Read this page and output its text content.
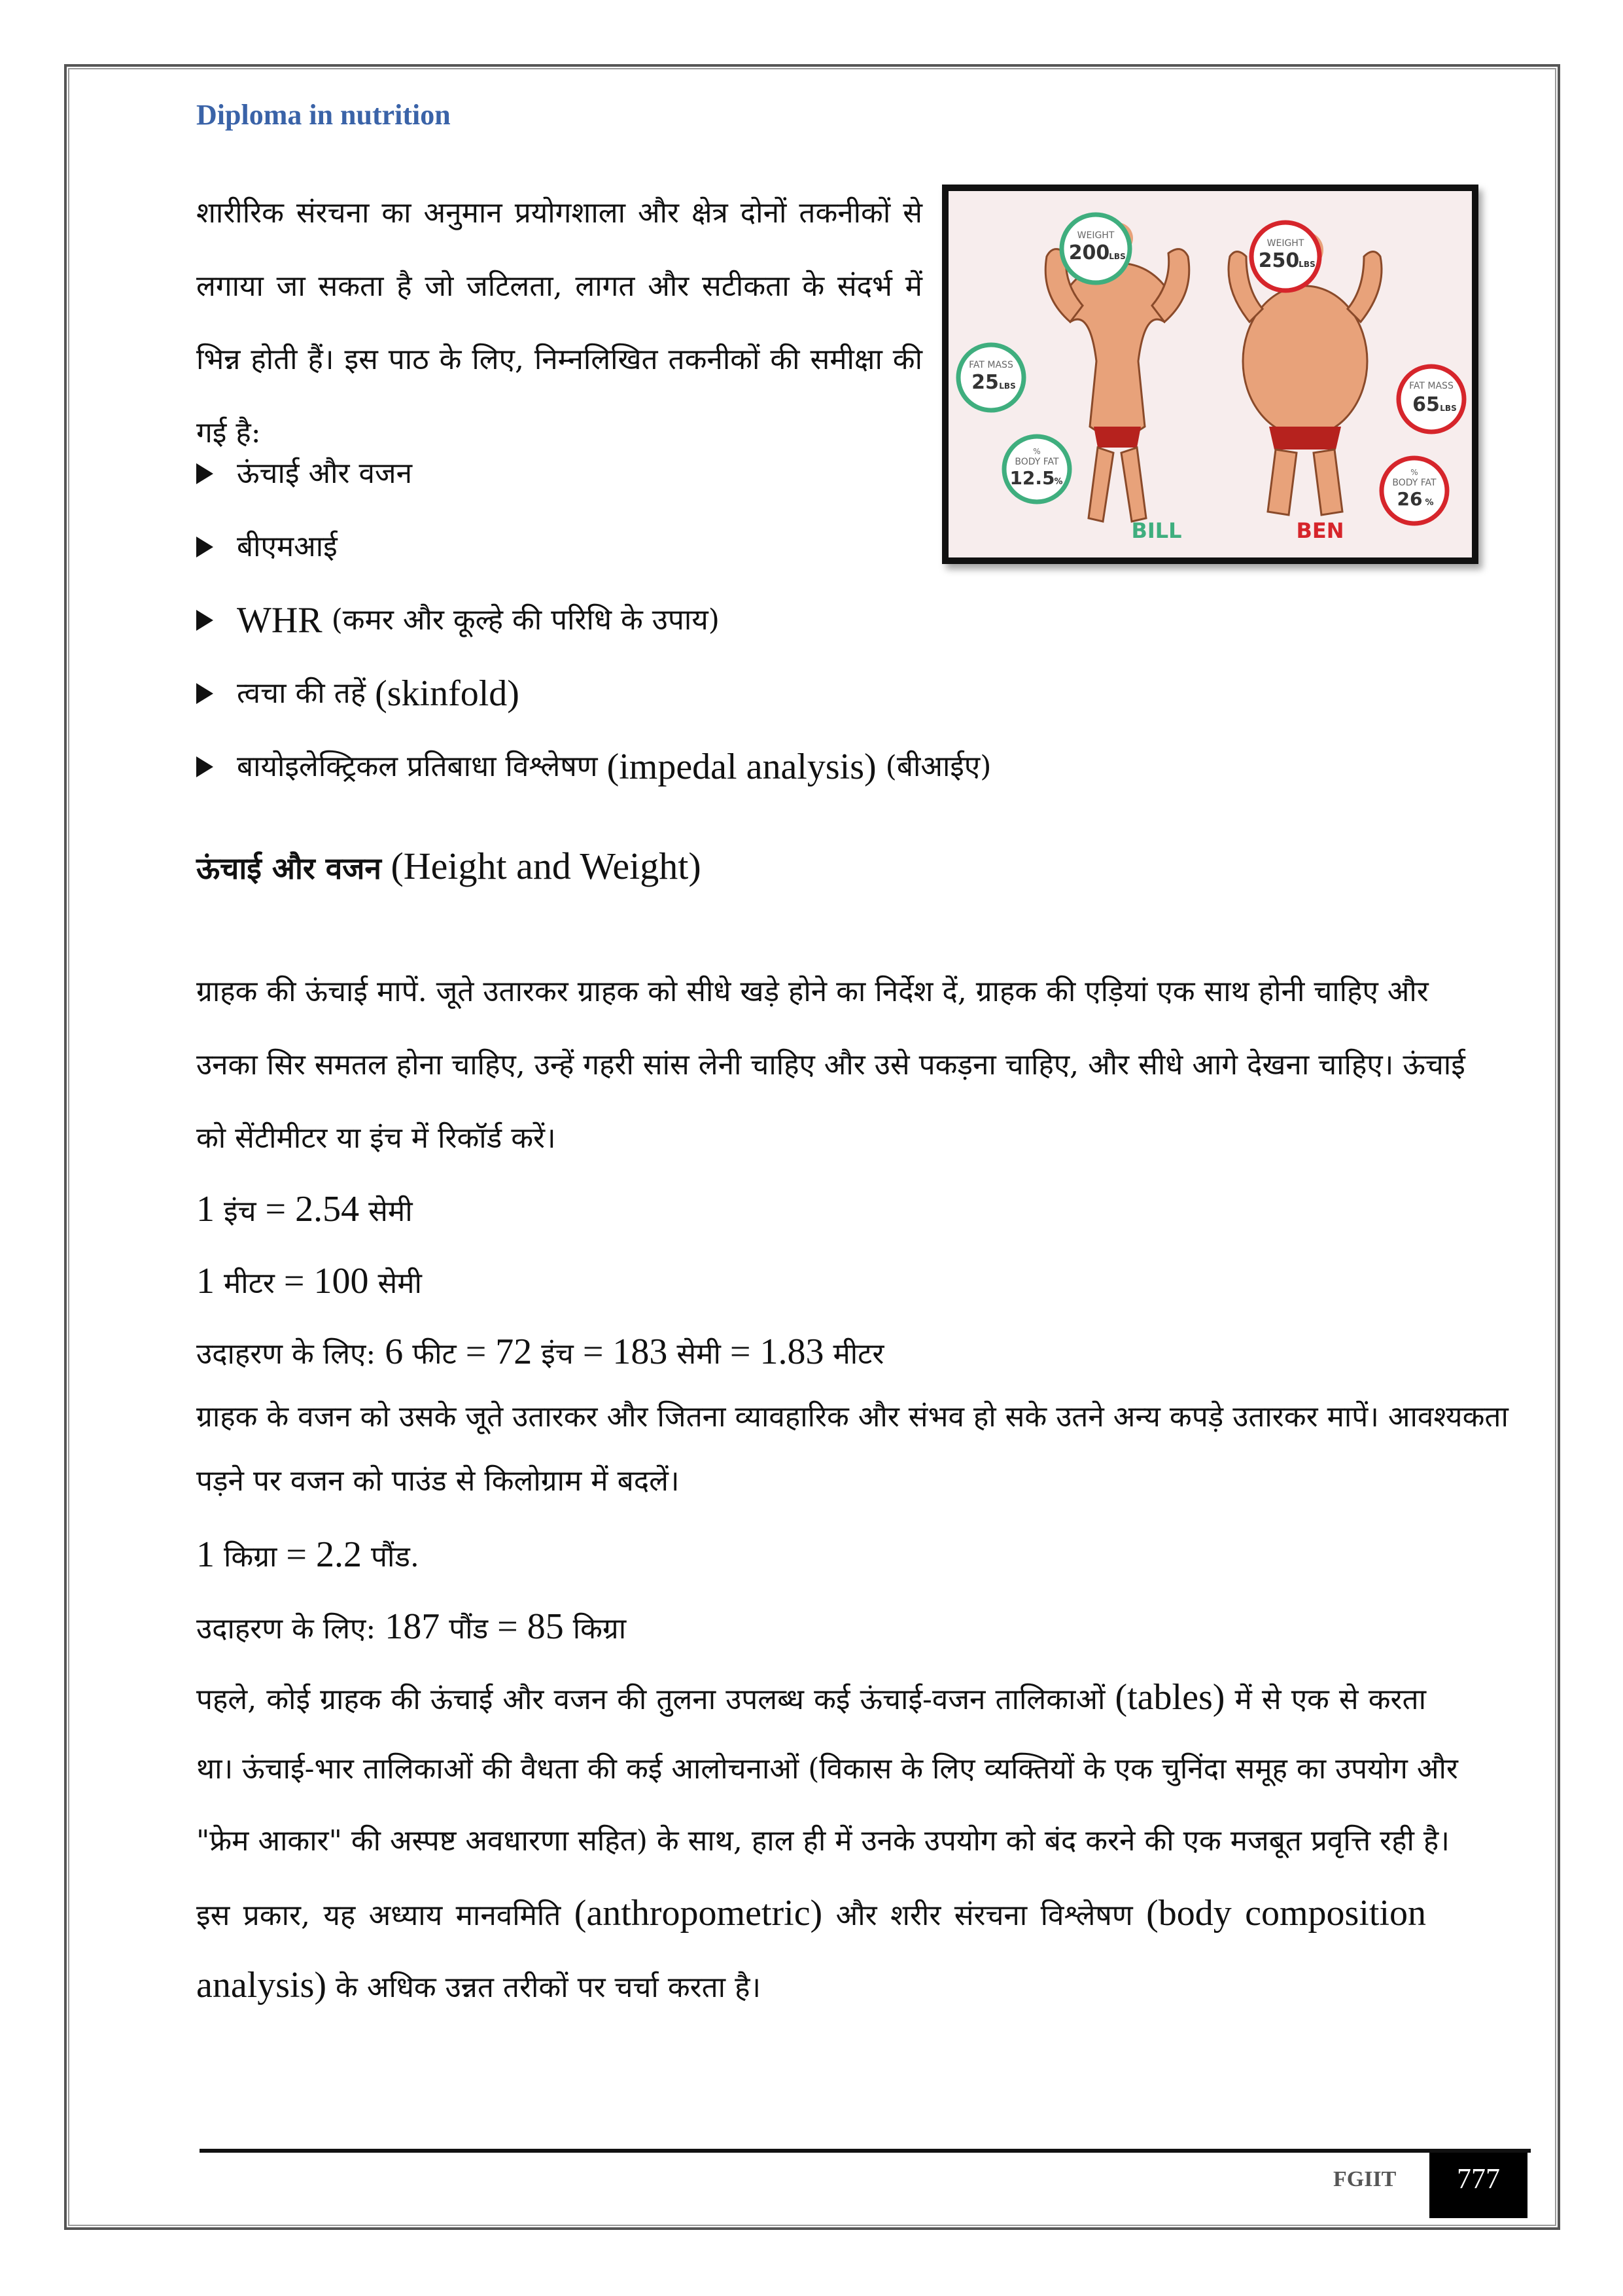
Diploma in nutrition

शारीरिक संरचना का अनुमान प्रयोगशाला और क्षेत्र दोनों तकनीकों से लगाया जा सकता है जो जटिलता, लागत और सटीकता के संदर्भ में भिन्न होती हैं। इस पाठ के लिए, निम्नलिखित तकनीकों की समीक्षा की गई है:

WEIGHT
200
LBS
FAT MASS
25 LBS
%
BODY FAT
12.5
%
BILL
WEIGHT
250
LBS
FAT MASS
65 LBS
%
BODY FAT
26 %
BEN
ऊंचाई और वजन
बीएमआई
WHR (कमर और कूल्हे की परिधि के उपाय)
त्वचा की तहें (skinfold)
बायोइलेक्ट्रिकल प्रतिबाधा विश्लेषण (impedal analysis) (बीआईए)
ऊंचाई और वजन (Height and Weight)
ग्राहक की ऊंचाई मापें. जूते उतारकर ग्राहक को सीधे खड़े होने का निर्देश दें, ग्राहक की एड़ियां एक साथ होनी चाहिए और
उनका सिर समतल होना चाहिए, उन्हें गहरी सांस लेनी चाहिए और उसे पकड़ना चाहिए, और सीधे आगे देखना चाहिए। ऊंचाई
को सेंटीमीटर या इंच में रिकॉर्ड करें।
1 इंच = 2.54 सेमी
1 मीटर = 100 सेमी
उदाहरण के लिए: 6 फीट = 72 इंच = 183 सेमी = 1.83 मीटर
ग्राहक के वजन को उसके जूते उतारकर और जितना व्यावहारिक और संभव हो सके उतने अन्य कपड़े उतारकर मापें। आवश्यकता
पड़ने पर वजन को पाउंड से किलोग्राम में बदलें।
1 किग्रा = 2.2 पौंड.
उदाहरण के लिए: 187 पौंड = 85 किग्रा
पहले, कोई ग्राहक की ऊंचाई और वजन की तुलना उपलब्ध कई ऊंचाई-वजन तालिकाओं (tables) में से एक से करता
था। ऊंचाई-भार तालिकाओं की वैधता की कई आलोचनाओं (विकास के लिए व्यक्तियों के एक चुनिंदा समूह का उपयोग और
"फ्रेम आकार" की अस्पष्ट अवधारणा सहित) के साथ, हाल ही में उनके उपयोग को बंद करने की एक मजबूत प्रवृत्ति रही है।
इस प्रकार, यह अध्याय मानवमिति (anthropometric) और शरीर संरचना विश्लेषण (body composition
analysis) के अधिक उन्नत तरीकों पर चर्चा करता है।
FGIIT	777
